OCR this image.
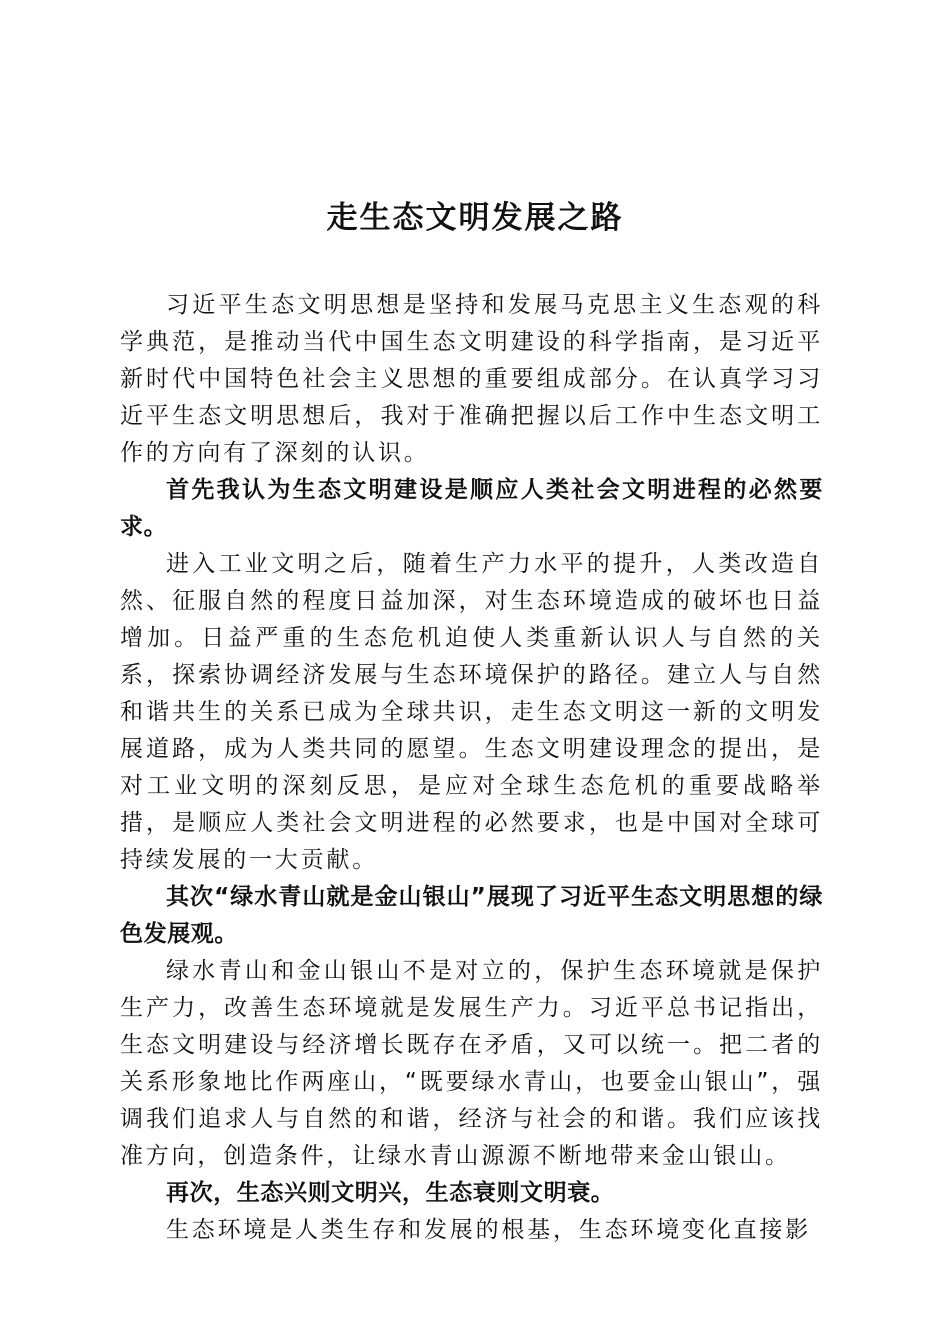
走生态文明发展之路

习近平生态文明思想是坚持和发展马克思主义生态观的科学典范，是推动当代中国生态文明建设的科学指南，是习近平新时代中国特色社会主义思想的重要组成部分。在认真学习习近平生态文明思想后，我对于准确把握以后工作中生态文明工作的方向有了深刻的认识。

首先我认为生态文明建设是顺应人类社会文明进程的必然要求。

进入工业文明之后，随着生产力水平的提升，人类改造自然、征服自然的程度日益加深，对生态环境造成的破坏也日益增加。日益严重的生态危机迫使人类重新认识人与自然的关系，探索协调经济发展与生态环境保护的路径。建立人与自然和谐共生的关系已成为全球共识，走生态文明这一新的文明发展道路，成为人类共同的愿望。生态文明建设理念的提出，是对工业文明的深刻反思，是应对全球生态危机的重要战略举措，是顺应人类社会文明进程的必然要求，也是中国对全球可持续发展的一大贡献。

其次“绿水青山就是金山银山”展现了习近平生态文明思想的绿色发展观。

绿水青山和金山银山不是对立的，保护生态环境就是保护生产力，改善生态环境就是发展生产力。习近平总书记指出，生态文明建设与经济增长既存在矛盾，又可以统一。把二者的关系形象地比作两座山，“既要绿水青山，也要金山银山”，强调我们追求人与自然的和谐，经济与社会的和谐。我们应该找准方向，创造条件，让绿水青山源源不断地带来金山银山。

再次，生态兴则文明兴，生态衰则文明衰。

生态环境是人类生存和发展的根基，生态环境变化直接影
